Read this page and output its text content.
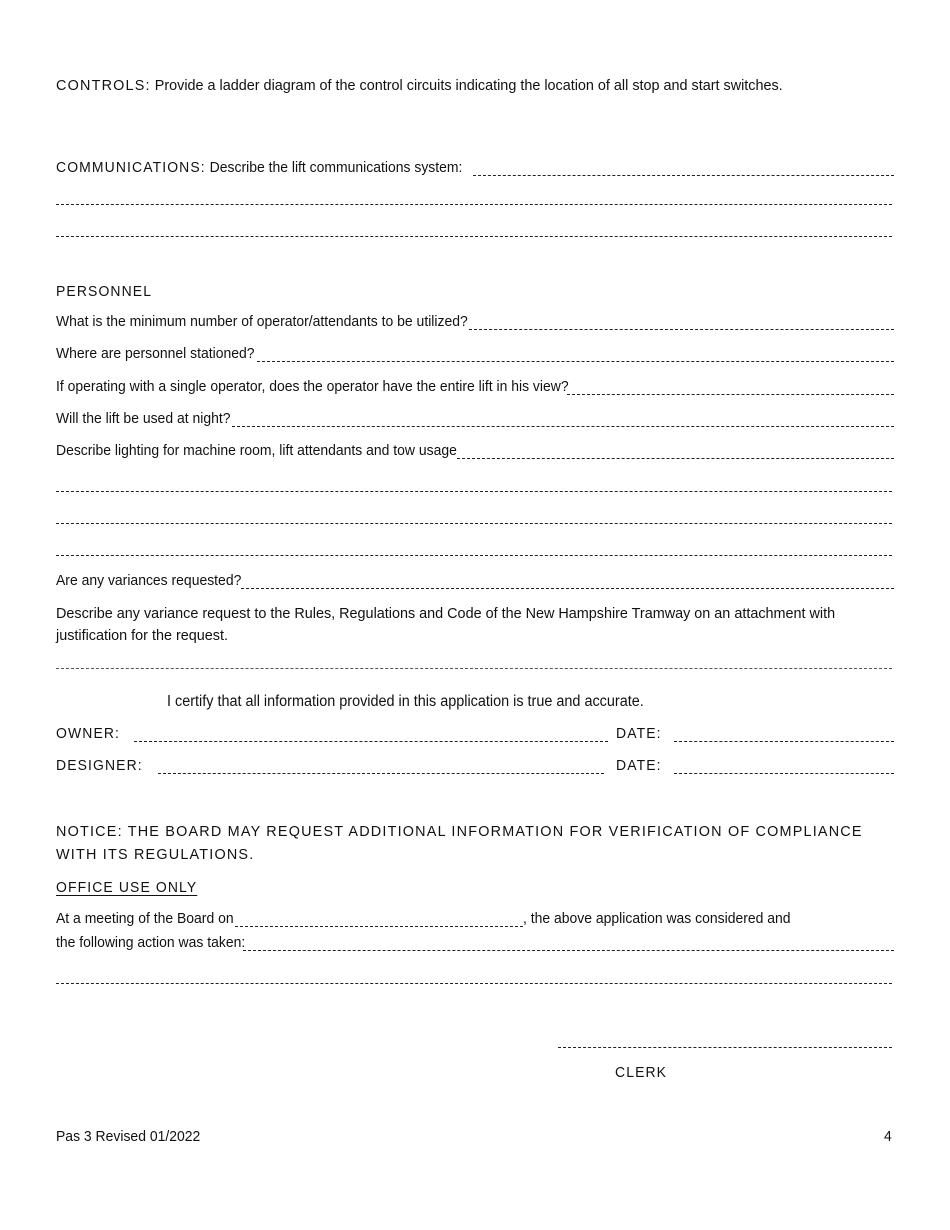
CONTROLS: Provide a ladder diagram of the control circuits indicating the location of all stop and start switches.
COMMUNICATIONS: Describe the lift communications system:
PERSONNEL
What is the minimum number of operator/attendants to be utilized?
Where are personnel stationed?
If operating with a single operator, does the operator have the entire lift in his view?
Will the lift be used at night?
Describe lighting for machine room, lift attendants and tow usage
Are any variances requested?
Describe any variance request to the Rules, Regulations and Code of the New Hampshire Tramway on an attachment with justification for the request.
I certify that all information provided in this application is true and accurate.
OWNER:	DATE:
DESIGNER:	DATE:
NOTICE: THE BOARD MAY REQUEST ADDITIONAL INFORMATION FOR VERIFICATION OF COMPLIANCE WITH ITS REGULATIONS.
OFFICE USE ONLY
At a meeting of the Board on	, the above application was considered and
the following action was taken:
CLERK
Pas 3 Revised 01/2022	4
